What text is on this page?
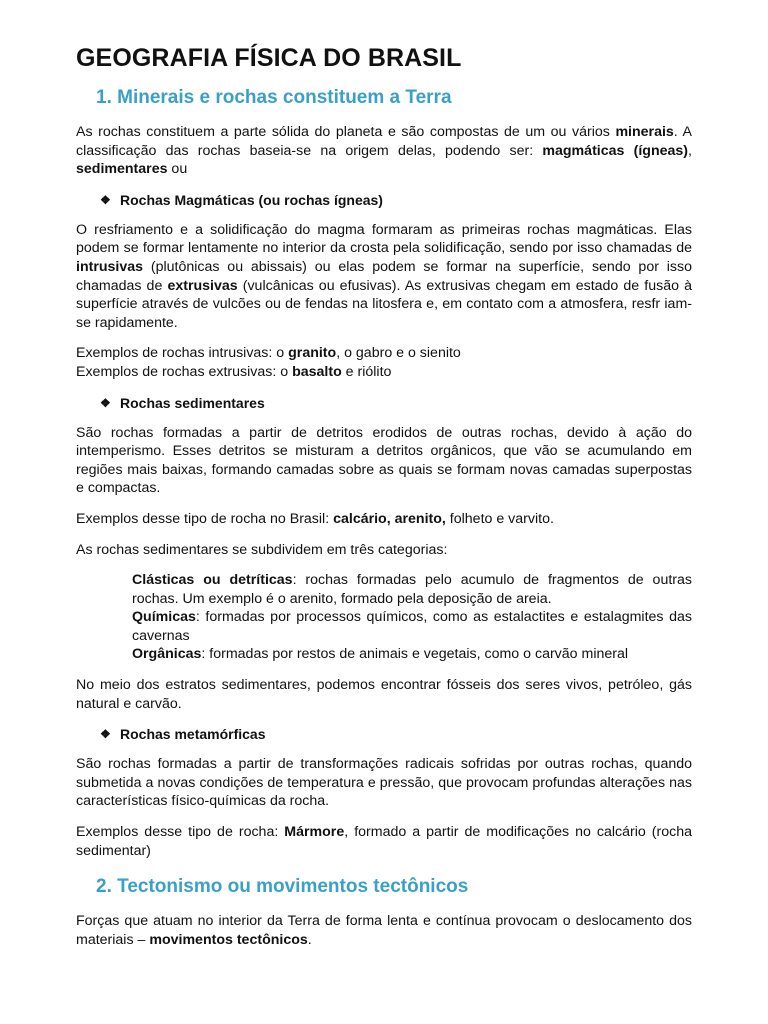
GEOGRAFIA FÍSICA DO BRASIL
1. Minerais e rochas constituem a Terra

As rochas constituem a parte sólida do planeta e são compostas de um ou vários minerais. A classificação das rochas baseia-se na origem delas, podendo ser: magmáticas (ígneas), sedimentares ou

❖ Rochas Magmáticas (ou rochas ígneas)

O resfriamento e a solidificação do magma formaram as primeiras rochas magmáticas. Elas podem se formar lentamente no interior da crosta pela solidificação, sendo por isso chamadas de intrusivas (plutônicas ou abissais) ou elas podem se formar na superfície, sendo por isso chamadas de extrusivas (vulcânicas ou efusivas). As extrusivas chegam em estado de fusão à superfície através de vulcões ou de fendas na litosfera e, em contato com a atmosfera, resfr iam-se rapidamente.

Exemplos de rochas intrusivas: o granito, o gabro e o sienito

Exemplos de rochas extrusivas: o basalto e riólito

❖ Rochas sedimentares

São rochas formadas a partir de detritos erodidos de outras rochas, devido à ação do intemperismo. Esses detritos se misturam a detritos orgânicos, que vão se acumulando em regiões mais baixas, formando camadas sobre as quais se formam novas camadas superpostas e compactas.

Exemplos desse tipo de rocha no Brasil: calcário, arenito, folheto e varvito.

As rochas sedimentares se subdividem em três categorias:

Clásticas ou detríticas: rochas formadas pelo acumulo de fragmentos de outras rochas. Um exemplo é o arenito, formado pela deposição de areia.
Químicas: formadas por processos químicos, como as estalactites e estalagmites das cavernas
Orgânicas: formadas por restos de animais e vegetais, como o carvão mineral

No meio dos estratos sedimentares, podemos encontrar fósseis dos seres vivos, petróleo, gás natural e carvão.

❖ Rochas metamórficas

São rochas formadas a partir de transformações radicais sofridas por outras rochas, quando submetida a novas condições de temperatura e pressão, que provocam profundas alterações nas características físico-químicas da rocha.

Exemplos desse tipo de rocha: Mármore, formado a partir de modificações no calcário (rocha sedimentar)

2. Tectonismo ou movimentos tectônicos

Forças que atuam no interior da Terra de forma lenta e contínua provocam o deslocamento dos materiais – movimentos tectônicos.
